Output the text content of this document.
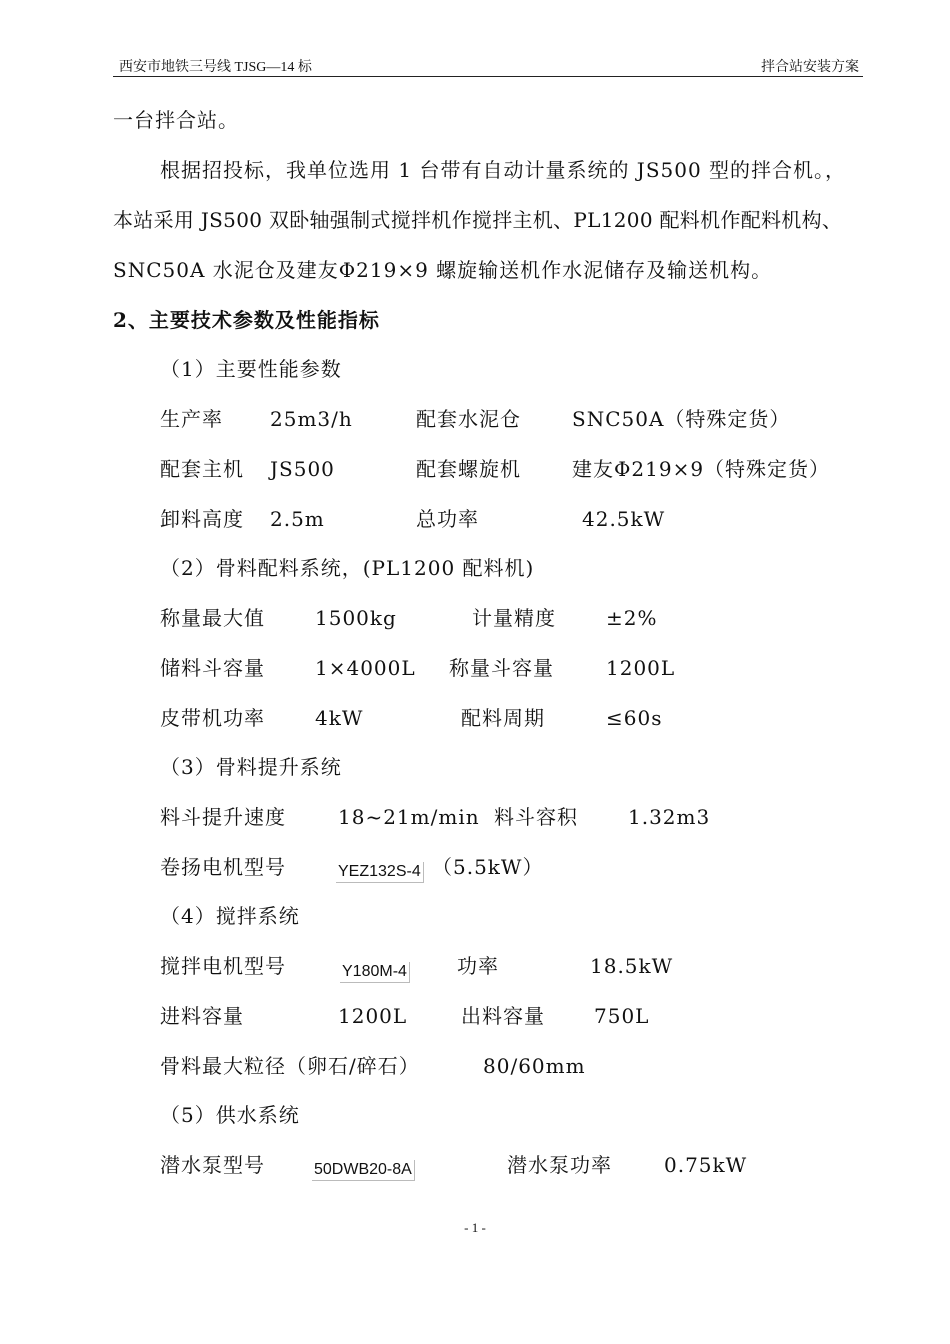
西安市地铁三号线 TJSG—14 标	拌合站安装方案
一台拌合站。
根据招投标，我单位选用 1 台带有自动计量系统的 JS500 型的拌合机。，
本站采用 JS500 双卧轴强制式搅拌机作搅拌主机、PL1200 配料机作配料机构、
SNC50A 水泥仓及建友Φ219×9 螺旋输送机作水泥储存及输送机构。
2、主要技术参数及性能指标
（1）主要性能参数
生产率 25m3/h	配套水泥仓	SNC50A（特殊定货）
配套主机 JS500	配套螺旋机	建友Φ219×9（特殊定货）
卸料高度 2.5m	总功率	42.5kW
（2）骨料配料系统，(PL1200 配料机)
称量最大值	1500kg	计量精度	±2%
储料斗容量	1×4000L 称量斗容量	1200L
皮带机功率	4kW	配料周期	≤60s
（3）骨料提升系统
料斗提升速度	18~21m/min 料斗容积	1.32m3
卷扬电机型号	YEZ132S-4 （5.5kW）
（4）搅拌系统
搅拌电机型号	Y180M-4	功率	18.5kW
进料容量	1200L	出料容量 750L
骨料最大粒径（卵石/碎石）	80/60mm
（5）供水系统
潜水泵型号	50DWB20-8A	潜水泵功率	0.75kW
- 1 -
